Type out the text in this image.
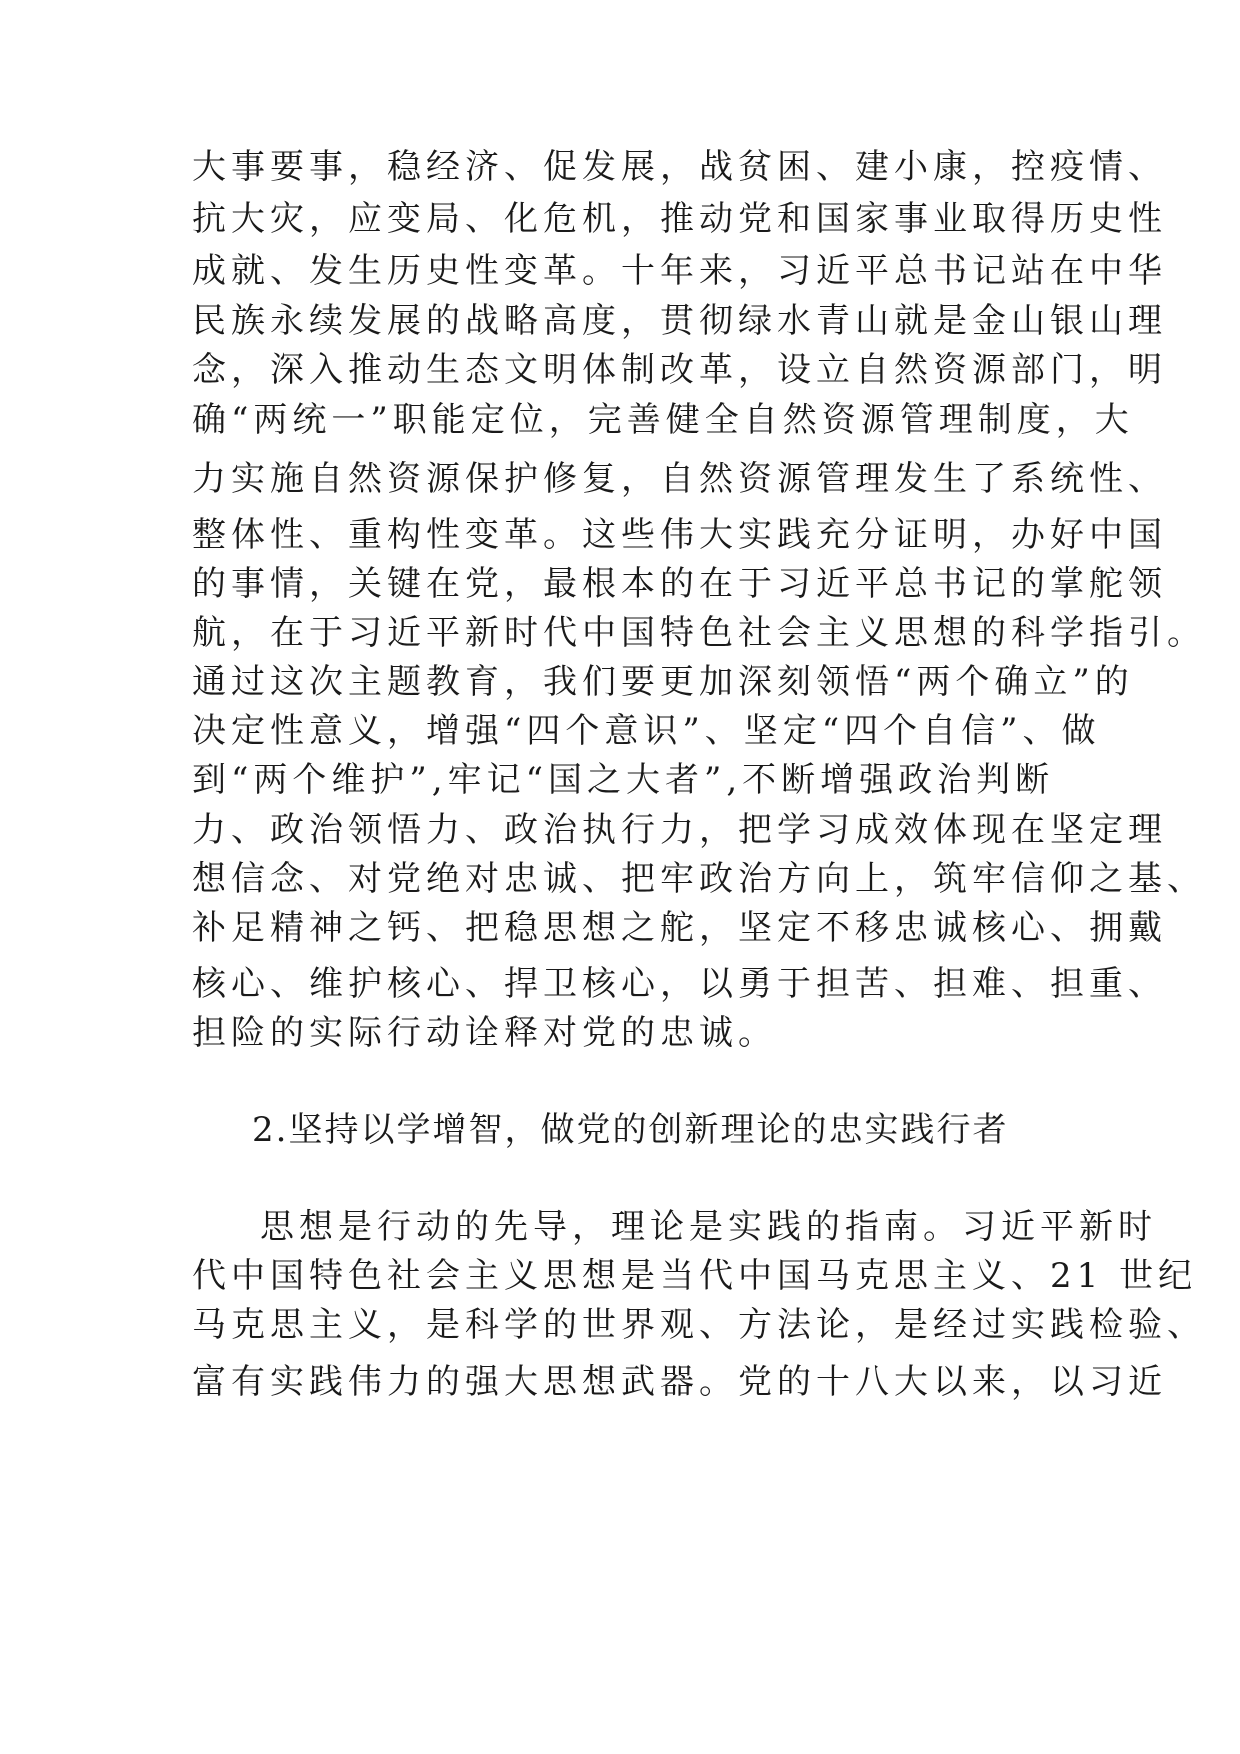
大事要事，稳经济、促发展，战贫困、建小康，控疫情、
抗大灾，应变局、化危机，推动党和国家事业取得历史性
成就、发生历史性变革。十年来，习近平总书记站在中华
民族永续发展的战略高度，贯彻绿水青山就是金山银山理
念，深入推动生态文明体制改革，设立自然资源部门，明
确“两统一”职能定位，完善健全自然资源管理制度，大
力实施自然资源保护修复，自然资源管理发生了系统性、
整体性、重构性变革。这些伟大实践充分证明，办好中国
的事情，关键在党，最根本的在于习近平总书记的掌舵领
航，在于习近平新时代中国特色社会主义思想的科学指引。
通过这次主题教育，我们要更加深刻领悟“两个确立”的
决定性意义，增强“四个意识”、坚定“四个自信”、做
到“两个维护”,牢记“国之大者”,不断增强政治判断
力、政治领悟力、政治执行力，把学习成效体现在坚定理
想信念、对党绝对忠诚、把牢政治方向上，筑牢信仰之基、
补足精神之钙、把稳思想之舵，坚定不移忠诚核心、拥戴
核心、维护核心、捍卫核心，以勇于担苦、担难、担重、
担险的实际行动诠释对党的忠诚。
2.坚持以学增智，做党的创新理论的忠实践行者
思想是行动的先导，理论是实践的指南。习近平新时
代中国特色社会主义思想是当代中国马克思主义、21 世纪
马克思主义，是科学的世界观、方法论，是经过实践检验、
富有实践伟力的强大思想武器。党的十八大以来，以习近
